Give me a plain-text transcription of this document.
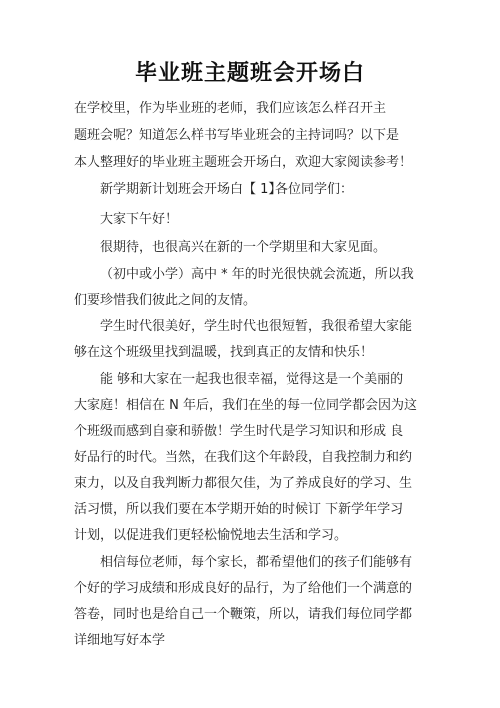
毕业班主题班会开场白
在学校里，作为毕业班的老师，我们应该怎么样召开主
题班会呢？知道怎么样书写毕业班会的主持词吗？以下是
本人整理好的毕业班主题班会开场白，欢迎大家阅读参考！
新学期新计划班会开场白【 1】
各位同学们：
大家下午好！
很期待，也很高兴在新的一个学期里和大家见面。
（初中或小学）高中 * 年的时光很快就会流逝，所以我
们要珍惜我们彼此之间的友情。
学生时代很美好，学生时代也很短暂，我很希望大家能
够在这个班级里找到温暖，找到真正的友情和快乐！
能 够和大家在一起我也很幸福，觉得这是一个美丽的
大家庭！相信在 N 年后，我们在坐的每一位同学都会因为这
个班级而感到自豪和骄傲！学生时代是学习知识和形成 良
好品行的时代。当然，在我们这个年龄段，自我控制力和约
束力，以及自我判断力都很欠佳，为了养成良好的学习、生
活习惯，所以我们要在本学期开始的时候订 下新学年学习
计划，以促进我们更轻松愉悦地去生活和学习。
相信每位老师，每个家长，都希望他们的孩子们能够有
个好的学习成绩和形成良好的品行，为了给他们一个满意的
答卷，同时也是给自己一个鞭策，所以，请我们每位同学都
详细地写好本学
